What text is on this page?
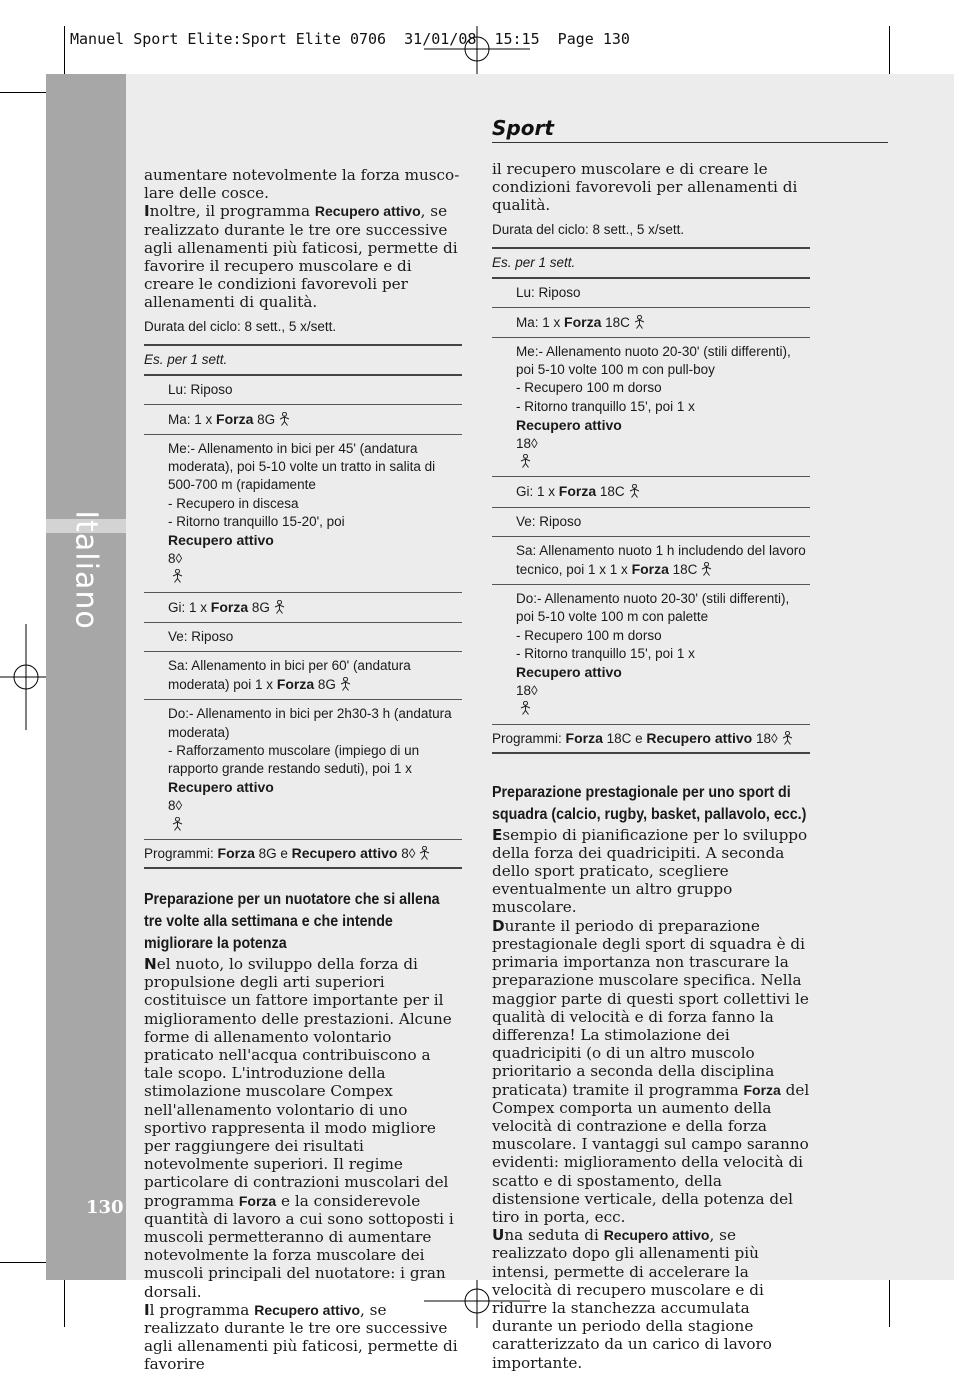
Manuel Sport Elite:Sport Elite 0706  31/01/08  15:15  Page 130
Italiano
130
Sport

aumentare notevolmente la forza musco-
lare delle cosce.

Inoltre, il programma Recupero attivo, se realizzato durante le tre ore successive agli allenamenti più faticosi, permette di favorire il recupero muscolare e di creare le condizioni favorevoli per allenamenti di qualità.

Durata del ciclo: 8 sett., 5 x/sett.

Es. per 1 sett.

Lu: Riposo
Ma: 1 x Forza 8G
Me:- Allenamento in bici per 45' (andatura moderata), poi 5-10 volte un tratto in salita di 500-700 m (rapidamente
- Recupero in discesa
- Ritorno tranquillo 15-20', poi
Recupero attivo
8◊
Gi: 1 x Forza 8G
Ve: Riposo
Sa: Allenamento in bici per 60' (andatura moderata) poi 1 x Forza 8G
Do:- Allenamento in bici per 2h30-3 h (andatura moderata)
- Rafforzamento muscolare (impiego di un rapporto grande restando seduti), poi 1 x
Recupero attivo
8◊

Programmi: Forza 8G e Recupero attivo 8◊

Preparazione per un nuotatore che si allena tre volte alla settimana e che intende migliorare la potenza

Nel nuoto, lo sviluppo della forza di propulsione degli arti superiori costituisce un fattore importante per il miglioramento delle prestazioni. Alcune forme di allenamento volontario praticato nell'acqua contribuiscono a tale scopo. L'introduzione della stimolazione muscolare Compex nell'allenamento volontario di uno sportivo rappresenta il modo migliore per raggiungere dei risultati notevolmente superiori. Il regime particolare di contrazioni muscolari del programma Forza e la considerevole quantità di lavoro a cui sono sottoposti i muscoli permetteranno di aumentare notevolmente la forza muscolare dei muscoli principali del nuotatore: i gran dorsali.

Il programma Recupero attivo, se realizzato durante le tre ore successive agli allenamenti più faticosi, permette di favorire

il recupero muscolare e di creare le condizioni favorevoli per allenamenti di qualità.

Durata del ciclo: 8 sett., 5 x/sett.

Es. per 1 sett.

Lu: Riposo
Ma: 1 x Forza 18C
Me:- Allenamento nuoto 20-30' (stili differenti), poi 5-10 volte 100 m con pull-boy
- Recupero 100 m dorso
- Ritorno tranquillo 15', poi 1 x
Recupero attivo
18◊
Gi: 1 x Forza 18C
Ve: Riposo
Sa: Allenamento nuoto 1 h includendo del lavoro tecnico, poi 1 x 1 x Forza 18C
Do:- Allenamento nuoto 20-30' (stili differenti), poi 5-10 volte 100 m con palette
- Recupero 100 m dorso
- Ritorno tranquillo 15', poi 1 x
Recupero attivo
18◊

Programmi: Forza 18C e Recupero attivo 18◊

Preparazione prestagionale per uno sport di squadra (calcio, rugby, basket, pallavolo, ecc.)

Esempio di pianificazione per lo sviluppo della forza dei quadricipiti. A seconda dello sport praticato, scegliere eventualmente un altro gruppo muscolare.

Durante il periodo di preparazione prestagionale degli sport di squadra è di primaria importanza non trascurare la preparazione muscolare specifica. Nella maggior parte di questi sport collettivi le qualità di velocità e di forza fanno la differenza! La stimolazione dei quadricipiti (o di un altro muscolo prioritario a seconda della disciplina praticata) tramite il programma Forza del Compex comporta un aumento della velocità di contrazione e della forza muscolare. I vantaggi sul campo saranno evidenti: miglioramento della velocità di scatto e di spostamento, della distensione verticale, della potenza del tiro in porta, ecc.

Una seduta di Recupero attivo, se realizzato dopo gli allenamenti più intensi, permette di accelerare la velocità di recupero muscolare e di ridurre la stanchezza accumulata durante un periodo della stagione caratterizzato da un carico di lavoro importante.
